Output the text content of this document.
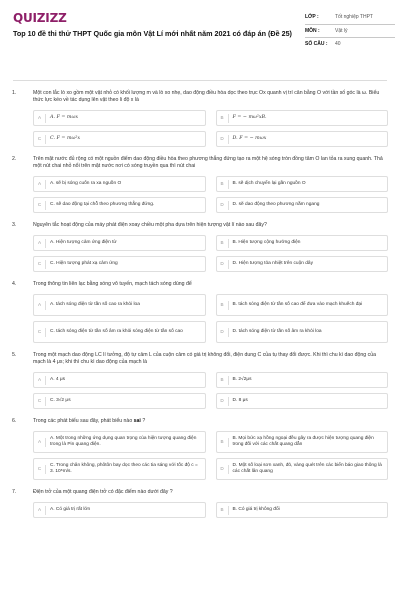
QUIZIZZ
Top 10 đề thi thử THPT Quốc gia môn Vật Lí mới nhất năm 2021 có đáp án (Đề 25)
LỚP :	Tốt nghiệp THPT
MÔN :	Vật lý
SỐ CÂU :	40
1.	Một con lắc lò xo gồm một vật nhỏ có khối lượng m và lò xo nhẹ, dao động điều hòa dọc theo trục Ox quanh vị trí cân bằng O với tần số góc là ω. Biểu thức lực kéo về tác dụng lên vật theo li độ x là
A	A. F = mωx	B	F = − mω²xB.
C	C. F = mω²x	D	D. F = − mωx
2.	Trên mặt nước đủ rộng có một nguồn điểm dao động điều hòa theo phương thẳng đứng tạo ra một hệ sóng tròn đồng tâm O lan tỏa ra xung quanh. Thả một nút chai nhỏ nổi trên mặt nước nơi có sóng truyền qua thì nút chai
A	A. sẽ bị sóng cuốn ra xa nguồn O	B	B. sẽ dịch chuyển lại gần nguồn O
C	C. sẽ dao động tại chỗ theo phương thẳng đứng.	D	D. sẽ dao động theo phương nằm ngang
3.	Nguyên tắc hoạt động của máy phát điện xoay chiều một pha dựa trên hiện tượng vật lí nào sau đây?
A	A. Hiện tượng cảm ứng điện từ	B	B. Hiện tượng cộng hưởng điện
C	C. Hiện tượng phát xạ cảm ứng	D	D. Hiện tượng tỏa nhiệt trên cuộn dây
4.	Trong thông tin liên lạc bằng sóng vô tuyến, mạch tách sóng dùng để
A	A. tách sóng điện từ tần số cao ra khỏi loa	B	B. tách sóng điện từ tần số cao để đưa vào mạch khuếch đại
C	C. tách sóng điện từ tần số âm ra khỏi sóng điện từ tần số cao	D	D. tách sóng điện từ tần số âm ra khỏi loa
5.	Trong một mạch dao động LC lí tưởng, độ tự cảm L của cuộn cảm có giá trị không đổi, điện dung C của tụ thay đổi được. Khi thì chu kì dao động của mạch là 4 μs; khi thì chu kì dao động của mạch là
A	A. 4 μs	B	B. 2√2μs
C	C. 3√2 μs	D	D. 8 μs
6.	Trong các phát biểu sau đây, phát biểu nào sai ?
A
A. Một trong những ứng dụng quan trọng của hiện tượng quang điện trong là Pin quang điện.
B
B. Mọi bức xạ hồng ngoại đều gây ra được hiện tượng quang điện trong đối với các chất quang dẫn
C
C. Trong chân không, phôtôn bay dọc theo các tia sáng với tốc độ c = 3. 10⁸m/s.
D
D. Một số loại sơn xanh, đỏ, vàng quét trên các biển báo giao thông là các chất lân quang
7.	Điện trở của một quang điện trở có đặc điểm nào dưới đây ?
A	A. Có giá trị rất lớn	B	B. Có giá trị không đổi
